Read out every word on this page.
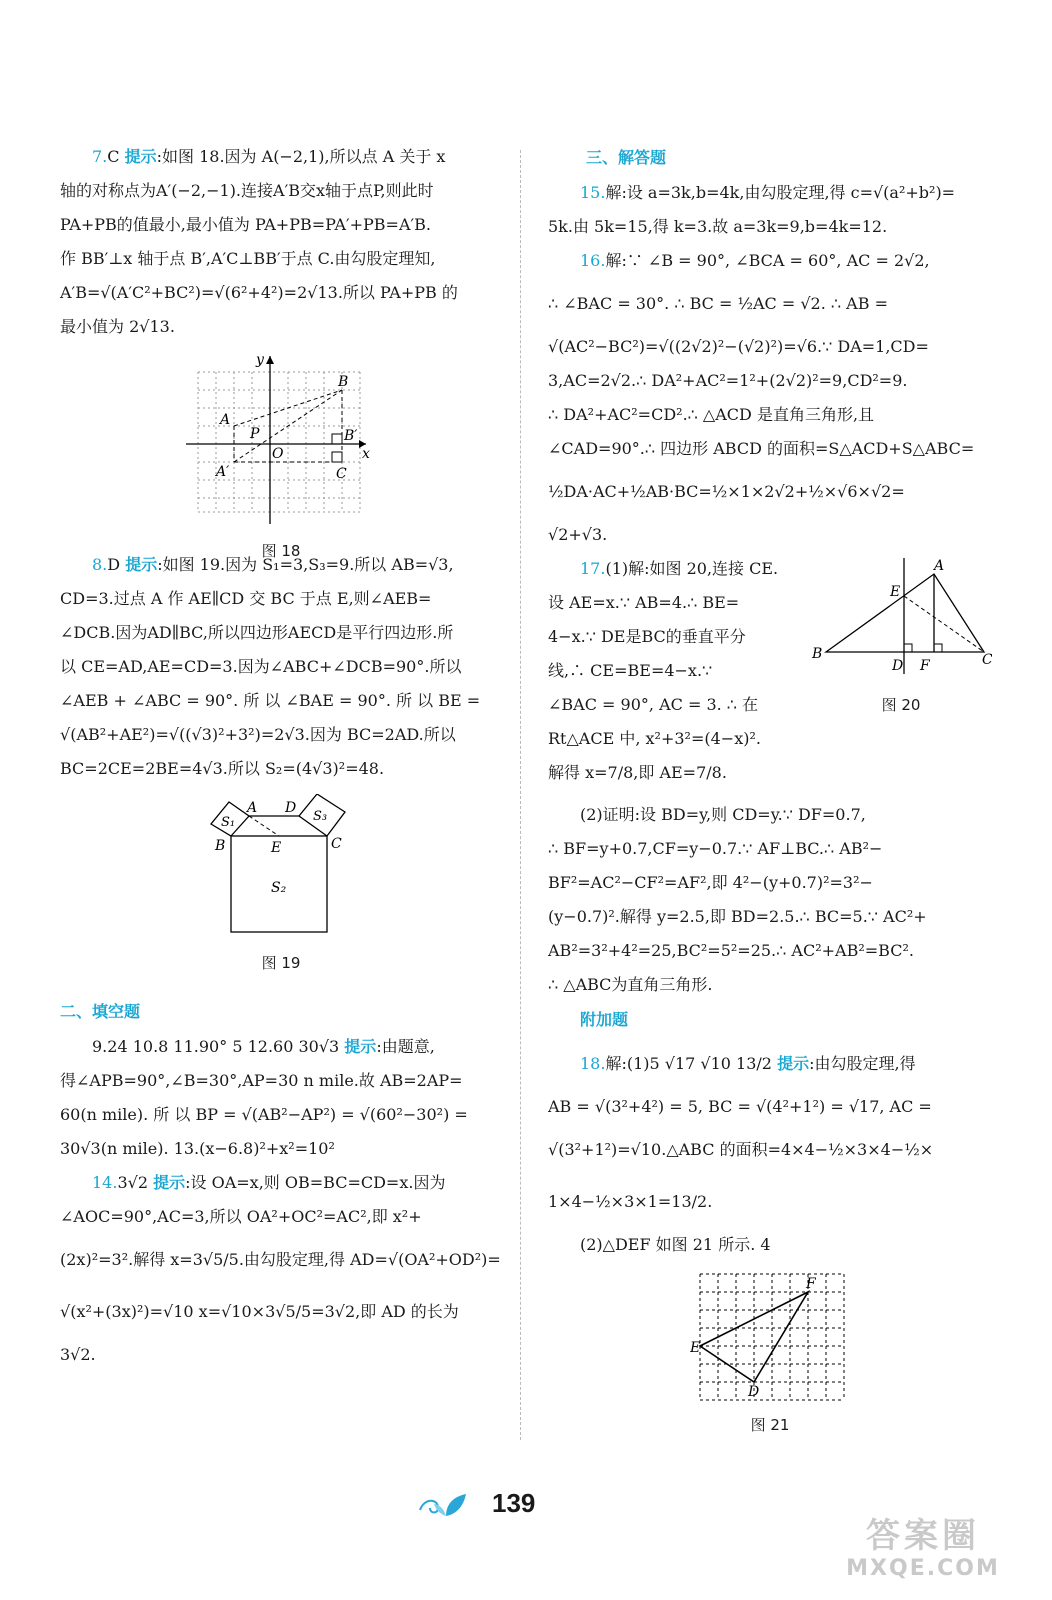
7.C 提示:如图 18.因为 A(−2,1),所以点 A 关于 x
轴的对称点为A′(−2,−1).连接A′B交x轴于点P,则此时
PA+PB的值最小,最小值为 PA+PB=PA′+PB=A′B.
作 BB′⊥x 轴于点 B′,A′C⊥BB′于点 C.由勾股定理知,
A′B=√(A′C²+BC²)=√(6²+4²)=2√13.所以 PA+PB 的
最小值为 2√13.
y
x
O
A
A′
P
B
B′
C
图 18
8.D 提示:如图 19.因为 S₁=3,S₃=9.所以 AB=√3,
CD=3.过点 A 作 AE∥CD 交 BC 于点 E,则∠AEB=
∠DCB.因为AD∥BC,所以四边形AECD是平行四边形.所
以 CE=AD,AE=CD=3.因为∠ABC+∠DCB=90°.所以
∠AEB + ∠ABC = 90°. 所 以 ∠BAE = 90°. 所 以 BE =
√(AB²+AE²)=√((√3)²+3²)=2√3.因为 BC=2AD.所以
BC=2CE=2BE=4√3.所以 S₂=(4√3)²=48.
A D
B	E	C
S₁	S₃
S₂
图 19
二、填空题
9.24 10.8 11.90° 5 12.60 30√3 提示:由题意,
得∠APB=90°,∠B=30°,AP=30 n mile.故 AB=2AP=
60(n mile). 所 以 BP = √(AB²−AP²) = √(60²−30²) =
30√3(n mile). 13.(x−6.8)²+x²=10²
14.3√2 提示:设 OA=x,则 OB=BC=CD=x.因为
∠AOC=90°,AC=3,所以 OA²+OC²=AC²,即 x²+
(2x)²=3².解得 x=3√5/5.由勾股定理,得 AD=√(OA²+OD²)=
√(x²+(3x)²)=√10 x=√10×3√5/5=3√2,即 AD 的长为
3√2.
三、解答题
15.解:设 a=3k,b=4k,由勾股定理,得 c=√(a²+b²)=
5k.由 5k=15,得 k=3.故 a=3k=9,b=4k=12.
16.解:∵ ∠B = 90°, ∠BCA = 60°, AC = 2√2,
∴ ∠BAC = 30°. ∴ BC = ½AC = √2. ∴ AB =
√(AC²−BC²)=√((2√2)²−(√2)²)=√6.∵ DA=1,CD=
3,AC=2√2.∴ DA²+AC²=1²+(2√2)²=9,CD²=9.
∴ DA²+AC²=CD².∴ △ACD 是直角三角形,且
∠CAD=90°.∴ 四边形 ABCD 的面积=S△ACD+S△ABC=
½DA·AC+½AB·BC=½×1×2√2+½×√6×√2=
√2+√3.
17.(1)解:如图 20,连接 CE.
设 AE=x.∵ AB=4.∴ BE=
4−x.∵ DE是BC的垂直平分
线,∴ CE=BE=4−x.∵
∠BAC = 90°, AC = 3. ∴ 在
Rt△ACE 中, x²+3²=(4−x)².
解得 x=7/8,即 AE=7/8.
A
E
B
D F	C
图 20
(2)证明:设 BD=y,则 CD=y.∵ DF=0.7,
∴ BF=y+0.7,CF=y−0.7.∵ AF⊥BC.∴ AB²−
BF²=AC²−CF²=AF²,即 4²−(y+0.7)²=3²−
(y−0.7)².解得 y=2.5,即 BD=2.5.∴ BC=5.∵ AC²+
AB²=3²+4²=25,BC²=5²=25.∴ AC²+AB²=BC².
∴ △ABC为直角三角形.
附加题
18.解:(1)5 √17 √10 13/2 提示:由勾股定理,得
AB = √(3²+4²) = 5, BC = √(4²+1²) = √17, AC =
√(3²+1²)=√10.△ABC 的面积=4×4−½×3×4−½×
1×4−½×3×1=13/2.
(2)△DEF 如图 21 所示. 4
F
E
D
图 21
139
答案圈
MXQE.COM
